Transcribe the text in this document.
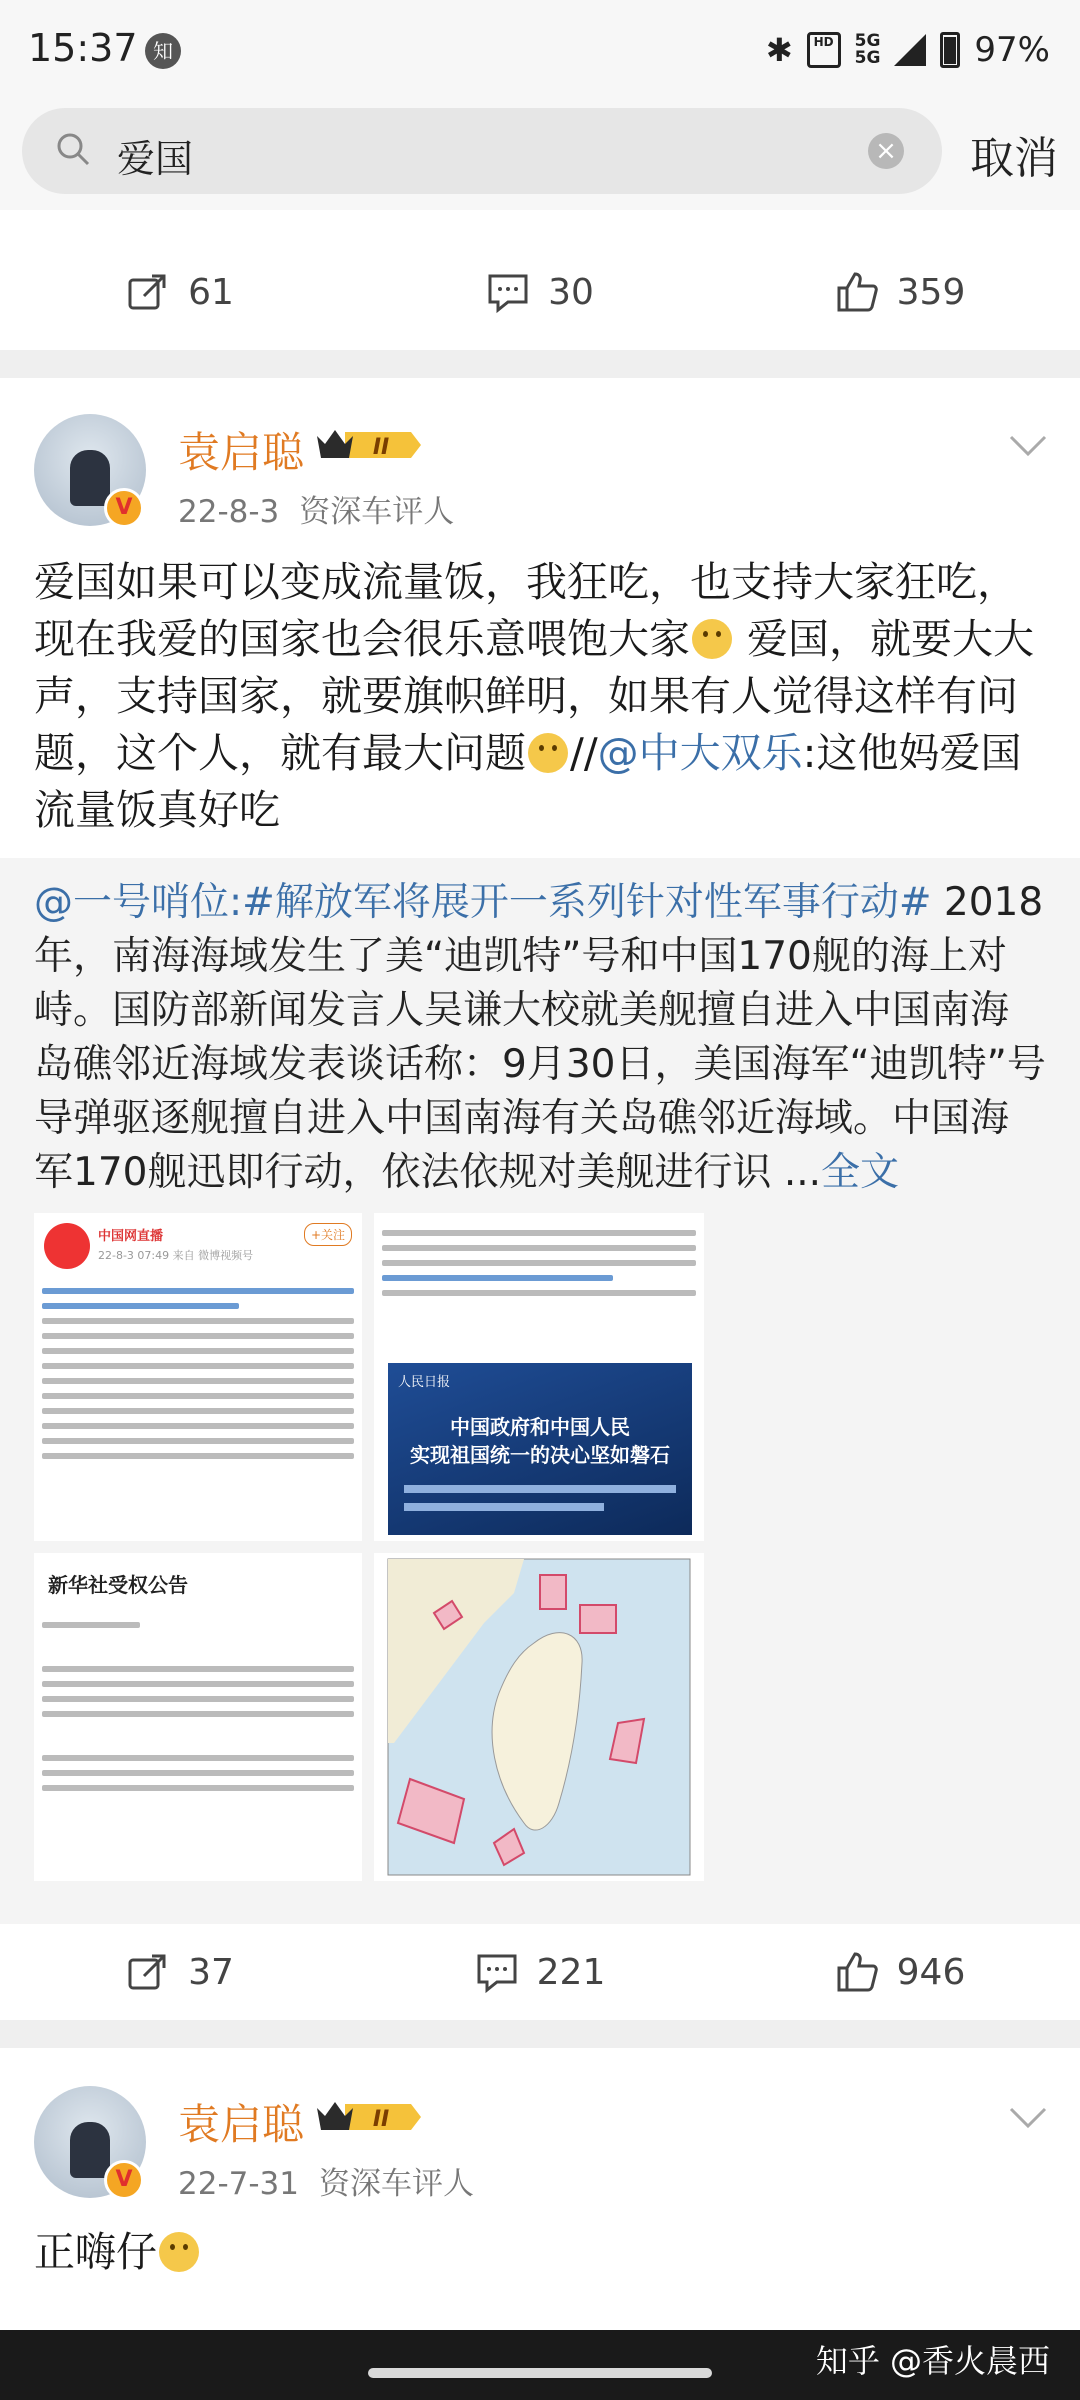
15:37 知	✱	HD	5G
5G	97%
爱国	× 取消
61	30	359
V
袁启聪	II
22-8-3 资深车评人
爱国如果可以变成流量饭，我狂吃，也支持大家狂吃，现在我爱的国家也会很乐意喂饱大家 爱国，就要大大声，支持国家，就要旗帜鲜明，如果有人觉得这样有问题，这个人，就有最大问题 //@中大双乐:这他妈爱国流量饭真好吃
@一号哨位:#解放军将展开一系列针对性军事行动# 2018年，南海海域发生了美“迪凯特”号和中国170舰的海上对峙。国防部新闻发言人吴谦大校就美舰擅自进入中国南海岛礁邻近海域发表谈话称：9月30日，美国海军“迪凯特”号导弹驱逐舰擅自进入中国南海有关岛礁邻近海域。中国海军170舰迅即行动，依法依规对美舰进行识 ...全文
中国网直播	+关注
22-8-3 07:49 来自 微博视频号
人民日报
中国政府和中国人民
实现祖国统一的决心坚如磐石
新华社受权公告
37	221	946
V
袁启聪	II
22-7-31 资深车评人
正嗨仔
知乎 @香火晨西
